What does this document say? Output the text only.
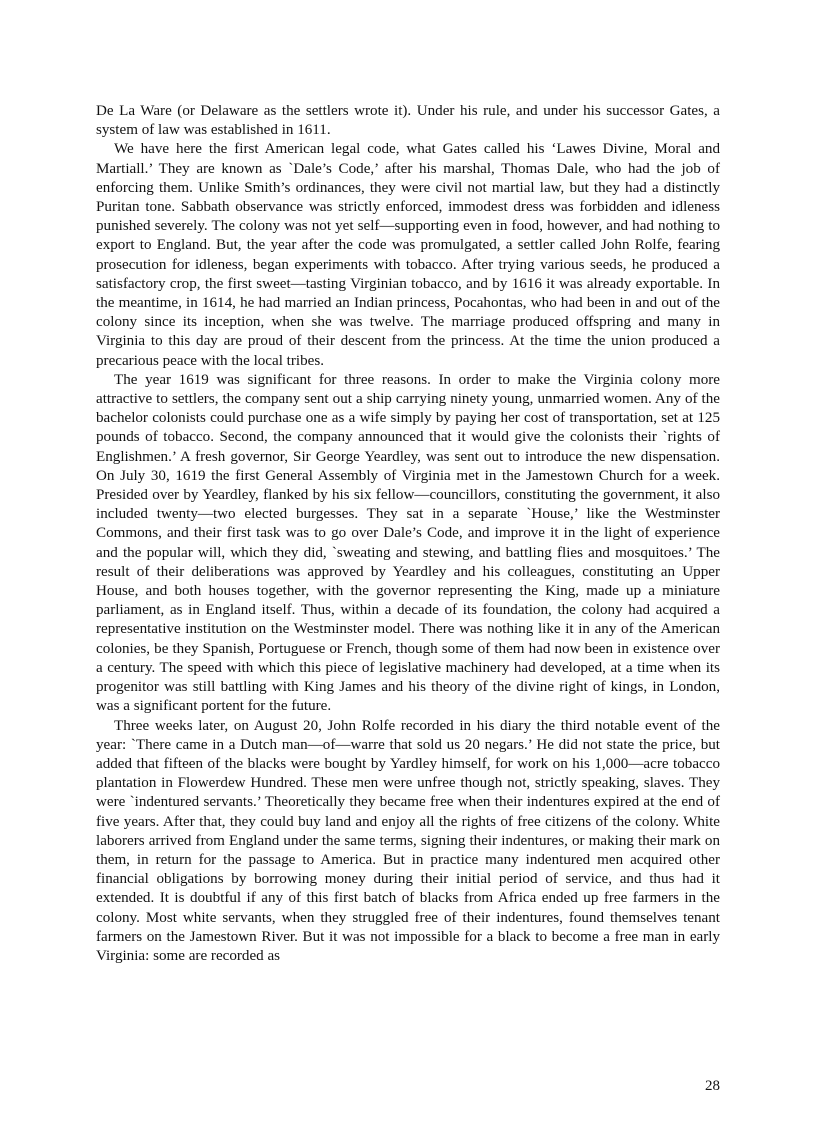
De La Ware (or Delaware as the settlers wrote it). Under his rule, and under his successor Gates, a system of law was established in 1611.

We have here the first American legal code, what Gates called his ‘Lawes Divine, Moral and Martiall.’ They are known as `Dale’s Code,’ after his marshal, Thomas Dale, who had the job of enforcing them. Unlike Smith’s ordinances, they were civil not martial law, but they had a distinctly Puritan tone. Sabbath observance was strictly enforced, immodest dress was forbidden and idleness punished severely. The colony was not yet self—supporting even in food, however, and had nothing to export to England. But, the year after the code was promulgated, a settler called John Rolfe, fearing prosecution for idleness, began experiments with tobacco. After trying various seeds, he produced a satisfactory crop, the first sweet—tasting Virginian tobacco, and by 1616 it was already exportable. In the meantime, in 1614, he had married an Indian princess, Pocahontas, who had been in and out of the colony since its inception, when she was twelve. The marriage produced offspring and many in Virginia to this day are proud of their descent from the princess. At the time the union produced a precarious peace with the local tribes.

The year 1619 was significant for three reasons. In order to make the Virginia colony more attractive to settlers, the company sent out a ship carrying ninety young, unmarried women. Any of the bachelor colonists could purchase one as a wife simply by paying her cost of transportation, set at 125 pounds of tobacco. Second, the company announced that it would give the colonists their `rights of Englishmen.’ A fresh governor, Sir George Yeardley, was sent out to introduce the new dispensation. On July 30, 1619 the first General Assembly of Virginia met in the Jamestown Church for a week. Presided over by Yeardley, flanked by his six fellow—councillors, constituting the government, it also included twenty—two elected burgesses. They sat in a separate `House,’ like the Westminster Commons, and their first task was to go over Dale’s Code, and improve it in the light of experience and the popular will, which they did, `sweating and stewing, and battling flies and mosquitoes.’ The result of their deliberations was approved by Yeardley and his colleagues, constituting an Upper House, and both houses together, with the governor representing the King, made up a miniature parliament, as in England itself. Thus, within a decade of its foundation, the colony had acquired a representative institution on the Westminster model. There was nothing like it in any of the American colonies, be they Spanish, Portuguese or French, though some of them had now been in existence over a century. The speed with which this piece of legislative machinery had developed, at a time when its progenitor was still battling with King James and his theory of the divine right of kings, in London, was a significant portent for the future.

Three weeks later, on August 20, John Rolfe recorded in his diary the third notable event of the year: `There came in a Dutch man—of—warre that sold us 20 negars.’ He did not state the price, but added that fifteen of the blacks were bought by Yardley himself, for work on his 1,000—acre tobacco plantation in Flowerdew Hundred. These men were unfree though not, strictly speaking, slaves. They were `indentured servants.’ Theoretically they became free when their indentures expired at the end of five years. After that, they could buy land and enjoy all the rights of free citizens of the colony. White laborers arrived from England under the same terms, signing their indentures, or making their mark on them, in return for the passage to America. But in practice many indentured men acquired other financial obligations by borrowing money during their initial period of service, and thus had it extended. It is doubtful if any of this first batch of blacks from Africa ended up free farmers in the colony. Most white servants, when they struggled free of their indentures, found themselves tenant farmers on the Jamestown River. But it was not impossible for a black to become a free man in early Virginia: some are recorded as

28
